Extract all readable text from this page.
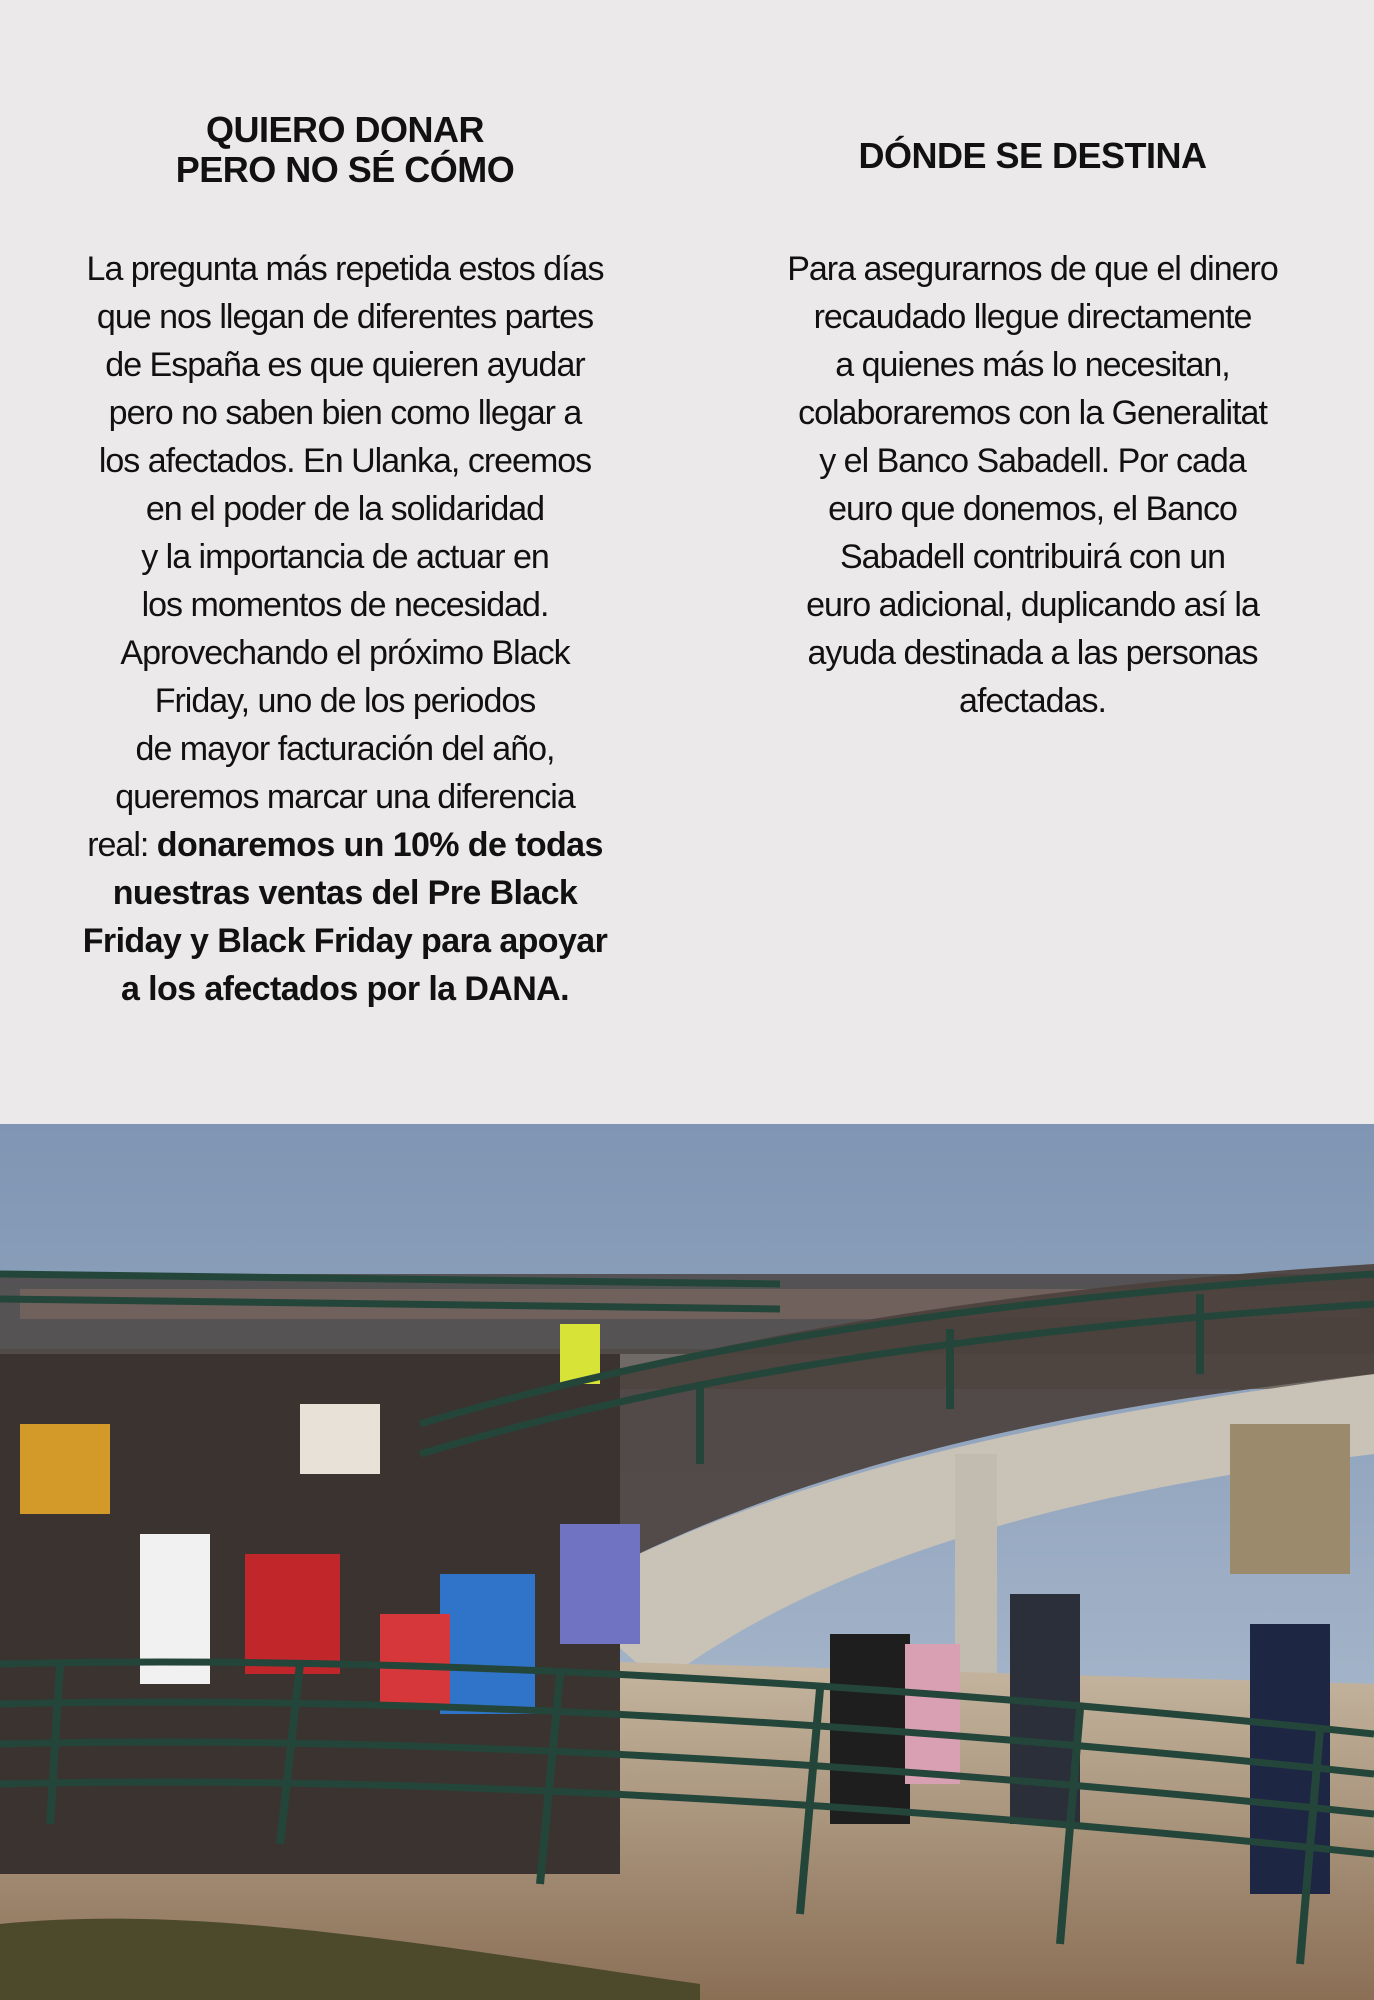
QUIERO DONAR
PERO NO SÉ CÓMO

La pregunta más repetida estos días
que nos llegan de diferentes partes
de España es que quieren ayudar
pero no saben bien como llegar a
los afectados. En Ulanka, creemos
en el poder de la solidaridad
y la importancia de actuar en
los momentos de necesidad.
Aprovechando el próximo Black
Friday, uno de los periodos
de mayor facturación del año,
queremos marcar una diferencia
real: donaremos un 10% de todas
nuestras ventas del Pre Black
Friday y Black Friday para apoyar
a los afectados por la DANA.

DÓNDE SE DESTINA

Para asegurarnos de que el dinero
recaudado llegue directamente
a quienes más lo necesitan,
colaboraremos con la Generalitat
y el Banco Sabadell. Por cada
euro que donemos, el Banco
Sabadell contribuirá con un
euro adicional, duplicando así la
ayuda destinada a las personas
afectadas.
